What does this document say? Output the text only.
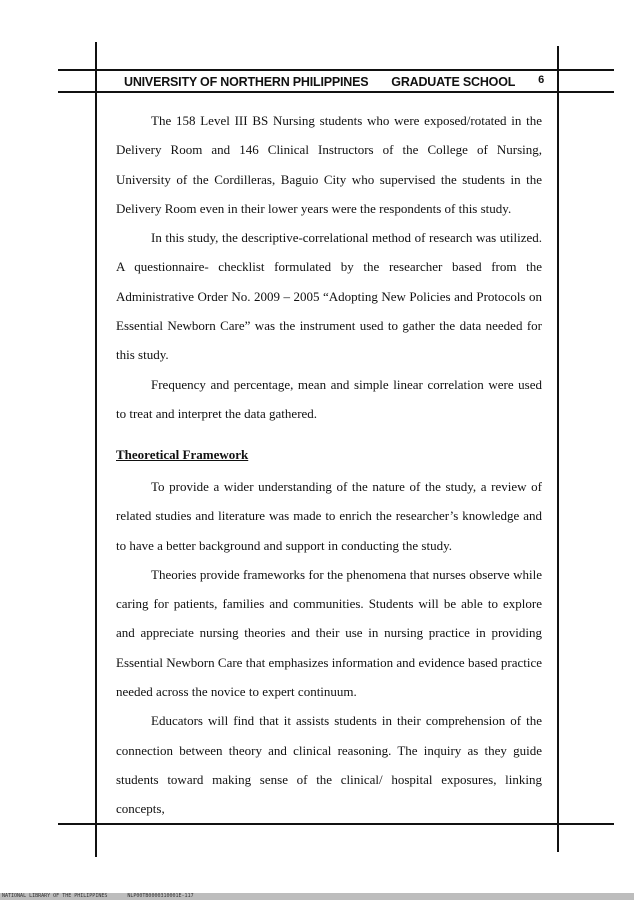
UNIVERSITY OF NORTHERN PHILIPPINES GRADUATE SCHOOL 6

The 158 Level III BS Nursing students who were exposed/rotated in the Delivery Room and 146 Clinical Instructors of the College of Nursing, University of the Cordilleras, Baguio City who supervised the students in the Delivery Room even in their lower years were the respondents of this study.

In this study, the descriptive-correlational method of research was utilized. A questionnaire- checklist formulated by the researcher based from the Administrative Order No. 2009 – 2005 “Adopting New Policies and Protocols on Essential Newborn Care” was the instrument used to gather the data needed for this study.

Frequency and percentage, mean and simple linear correlation were used to treat and interpret the data gathered.

Theoretical Framework

To provide a wider understanding of the nature of the study, a review of related studies and literature was made to enrich the researcher’s knowledge and to have a better background and support in conducting the study.

Theories provide frameworks for the phenomena that nurses observe while caring for patients, families and communities. Students will be able to explore and appreciate nursing theories and their use in nursing practice in providing Essential Newborn Care that emphasizes information and evidence based practice needed across the novice to expert continuum.

Educators will find that it assists students in their comprehension of the connection between theory and clinical reasoning. The inquiry as they guide students toward making sense of the clinical/ hospital exposures, linking concepts,

NATIONAL LIBRARY OF THE PHILIPPINES	NLP00TB0000310001E-117
